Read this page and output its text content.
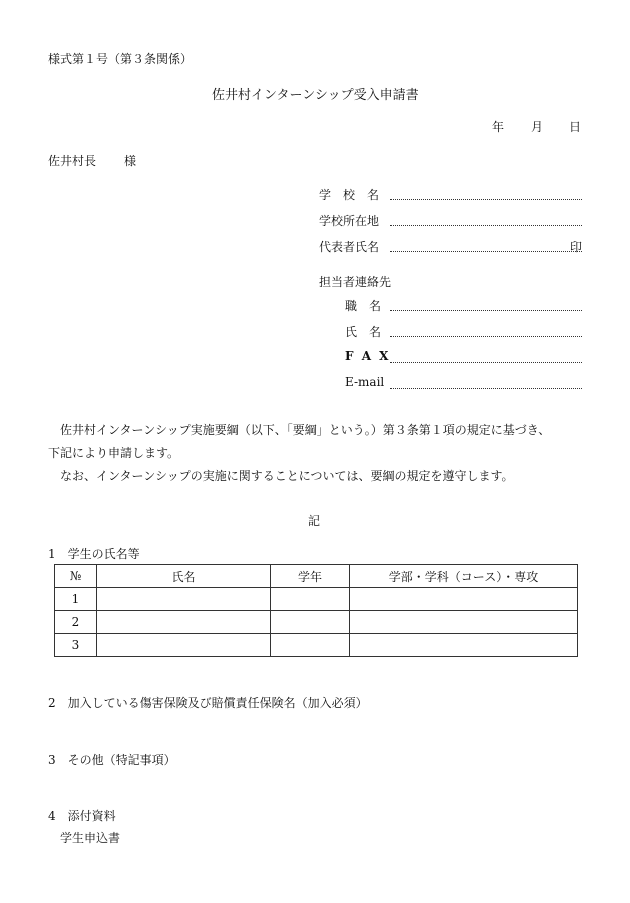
様式第１号（第３条関係）
佐井村インターンシップ受入申請書
年 月 日
佐井村長 様
学　校　名
学校所在地
代表者氏名	印
担当者連絡先
職　名
氏　名
F A X
E-mail
佐井村インターンシップ実施要綱（以下、「要綱」という。）第３条第１項の規定に基づき、
下記により申請します。
なお、インターンシップの実施に関することについては、要綱の規定を遵守します。
記
1　学生の氏名等
№	氏名	学年	学部・学科（コース）・専攻
1			
2			
3			
2　加入している傷害保険及び賠償責任保険名（加入必須）
3　その他（特記事項）
4　添付資料
学生申込書
